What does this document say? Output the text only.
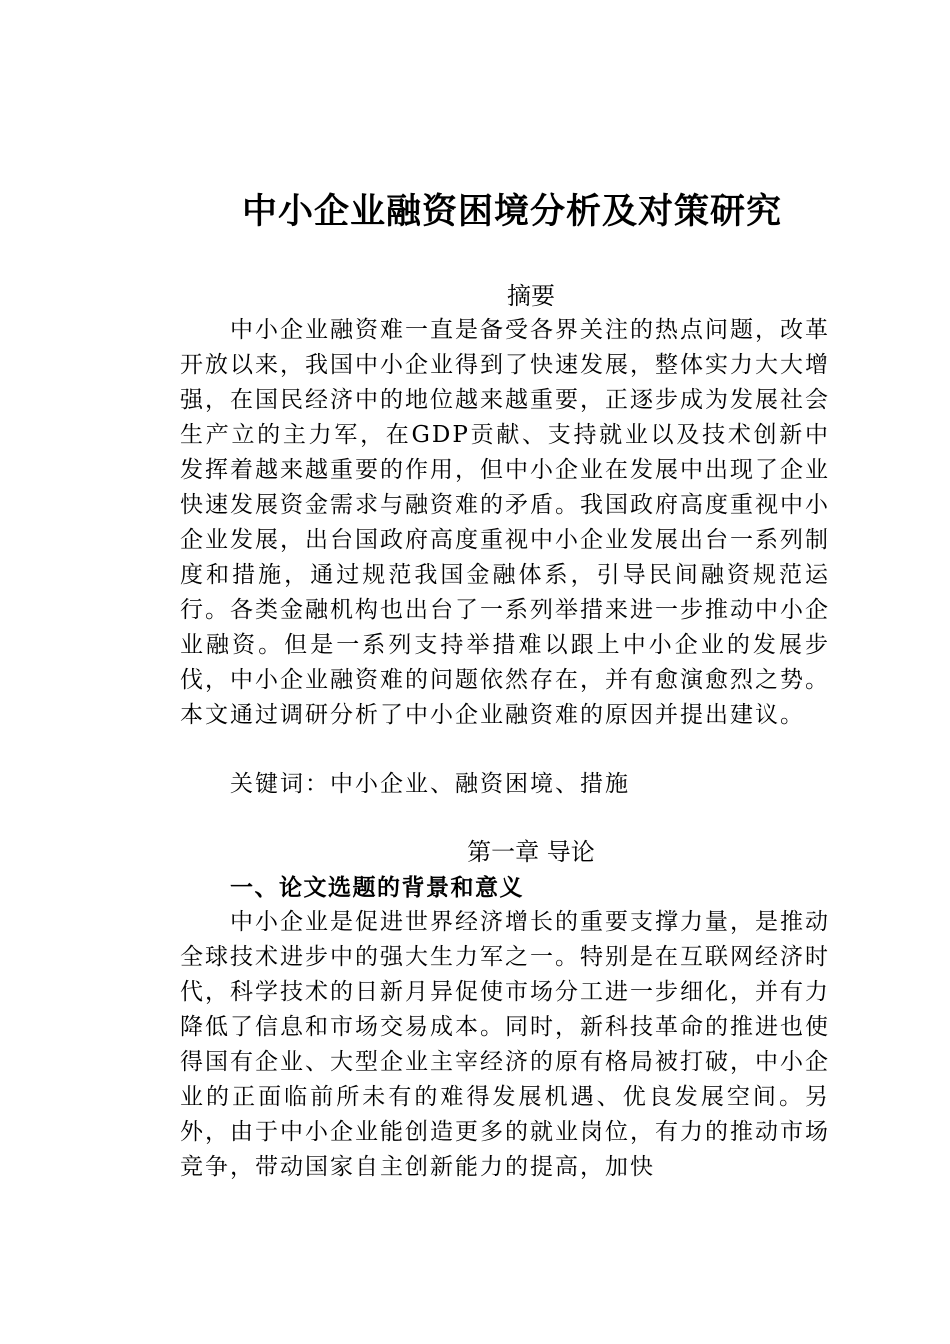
中小企业融资困境分析及对策研究
摘要

中小企业融资难一直是备受各界关注的热点问题，改革开放以来，我国中小企业得到了快速发展，整体实力大大增强，在国民经济中的地位越来越重要，正逐步成为发展社会生产立的主力军，在GDP贡献、支持就业以及技术创新中发挥着越来越重要的作用，但中小企业在发展中出现了企业快速发展资金需求与融资难的矛盾。我国政府高度重视中小企业发展，出台国政府高度重视中小企业发展出台一系列制度和措施，通过规范我国金融体系，引导民间融资规范运行。各类金融机构也出台了一系列举措来进一步推动中小企业融资。但是一系列支持举措难以跟上中小企业的发展步伐，中小企业融资难的问题依然存在，并有愈演愈烈之势。本文通过调研分析了中小企业融资难的原因并提出建议。

关键词：中小企业、融资困境、措施

第一章 导论

一、论文选题的背景和意义

中小企业是促进世界经济增长的重要支撑力量，是推动全球技术进步中的强大生力军之一。特别是在互联网经济时代，科学技术的日新月异促使市场分工进一步细化，并有力降低了信息和市场交易成本。同时，新科技革命的推进也使得国有企业、大型企业主宰经济的原有格局被打破，中小企业的正面临前所未有的难得发展机遇、优良发展空间。另外，由于中小企业能创造更多的就业岗位，有力的推动市场竞争，带动国家自主创新能力的提高，加快
